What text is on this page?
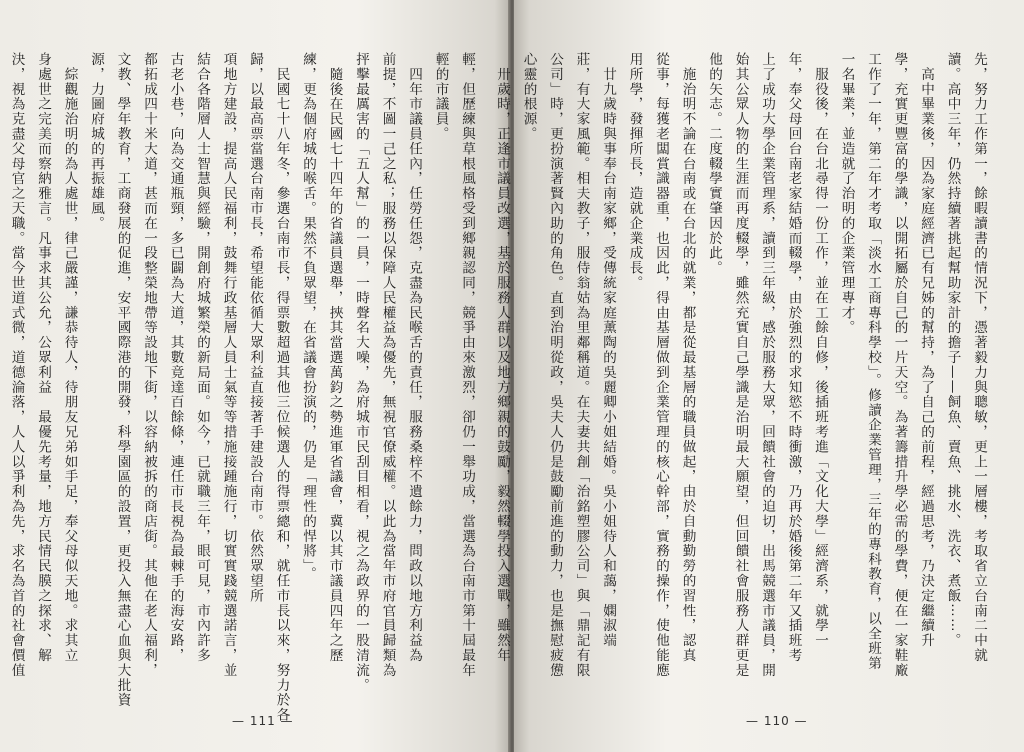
輕，但歷練與草根風格受到鄉親認同，競爭由來激烈，卻仍一舉功成，當選為台南市第十屆最年
輕的市議員。
　四年市議員任內，任勞任怨，克盡為民喉舌的責任，服務桑梓不遺餘力，問政以地方利益為
前提，不圖一己之私；服務以保障人民權益為優先，無視官僚威權。以此為當年市府官員歸類為
抨擊最厲害的「五人幫」的一員，一時聲名大噪，為府城市民刮目相看，視之為政界的一股清流。
　隨後在民國七十四年的省議員選舉，挾其當選萬鈞之勢進軍省議會，冀以其市議員四年之歷
練，更為個府城的喉舌。果然不負眾望，在省議會扮演的，仍是「理性的悍將」。
　民國七十八年冬，參選台南市長，得票數超過其他三位候選人的得票總和，就任市長以來，努力於各
歸，以最高票當選台南市長，希望能依循大眾利益直接著手建設台南市。依然眾望所
項地方建設，提高人民福利，鼓舞行政基層人員士氣等等措施接踵施行，切實實踐競選諾言，並
結合各階層人士智慧與經驗，開創府城繁榮的新局面。如今，已就職三年，眼可見，市內許多
古老小巷，向為交通瓶頸，多已闢為大道，其數竟達百餘條，連任市長視為最棘手的海安路，
都拓成四十米大道，甚而在一段整榮地帶等設地下街，以容納被拆的商店街。其他在老人福利，
文教、學年教育，工商發展的促進，安平國際港的開發，科學園區的設置，更投入無盡心血與大批資
源，力圖府城的再振雄風。
　綜觀施治明的為人處世，律己嚴謹，謙恭待人，待朋友兄弟如手足，奉父母似天地。求其立
身處世之完美而察納雅言。凡事求其公允，公眾利益　最優先考量，地方民情民膜之探求、解
決，視為克盡父母官之天職。當今世道式微，道德淪落，人人以爭利為先，求名為首的社會價值
— 111 —
先，努力工作第一，餘暇讀書的情況下，憑著毅力與聰敏，更上一層樓，考取省立台南二中就
讀。高中三年，仍然持續著挑起幫助家計的擔子——飼魚、賣魚、挑水、洗衣、煮飯⋯⋯。
　高中畢業後，因為家庭經濟已有兄姊的幫持，為了自己的前程，經過思考，乃決定繼續升
學，充實更豐富的學識，以開拓屬於自己的一片天空。為著籌措升學必需的學費，便在一家鞋廠
工作了一年，第二年才考取「淡水工商專科學校」。修讀企業管理，三年的專科教育，以全班第
一名畢業，並造就了治明的企業管理專才。
　服役後，在台北尋得一份工作，並在工餘自修，後插班考進「文化大學」經濟系，就學一
年，奉父母回台南老家結婚而輟學，由於強烈的求知慾不時衝激，乃再於婚後第二年又插班考
上了成功大學企業管理系，讀到三年級，感於服務大眾，回饋社會的迫切，出馬競選市議員，開
始其公眾人物的生涯而再度輟學，雖然充實自己學識是治明最大願望，但回饋社會服務人群更是
他的矢志。二度輟學實肇因於此。
　施治明不論在台南或在台北的就業，都是從最基層的職員做起，由於自動勤勞的習性，認真
從事，每獲老闆賞識器重，也因此，得由基層做到企業管理的核心幹部，實務的操作，使他能應
用所學，發揮所長，造就企業成長。
　廿九歲時與事奉台南家鄉，受傳統家庭薰陶的吳麗卿小姐結婚。吳小姐待人和藹，嫻淑端
莊，有大家風範。相夫教子，服侍翁姑為里鄰稱道。在夫妻共創「治銘塑膠公司」與「鼎記有限
公司」時，更扮演著賢內助的角色。直到治明從政，吳夫人仍是鼓勵前進的動力，也是撫慰疲憊
心靈的根源。
　卅歲時，正逢市議員改選，基於服務人群以及地方鄉親的鼓勵，毅然輟學投入選戰，雖然年
— 110 —
